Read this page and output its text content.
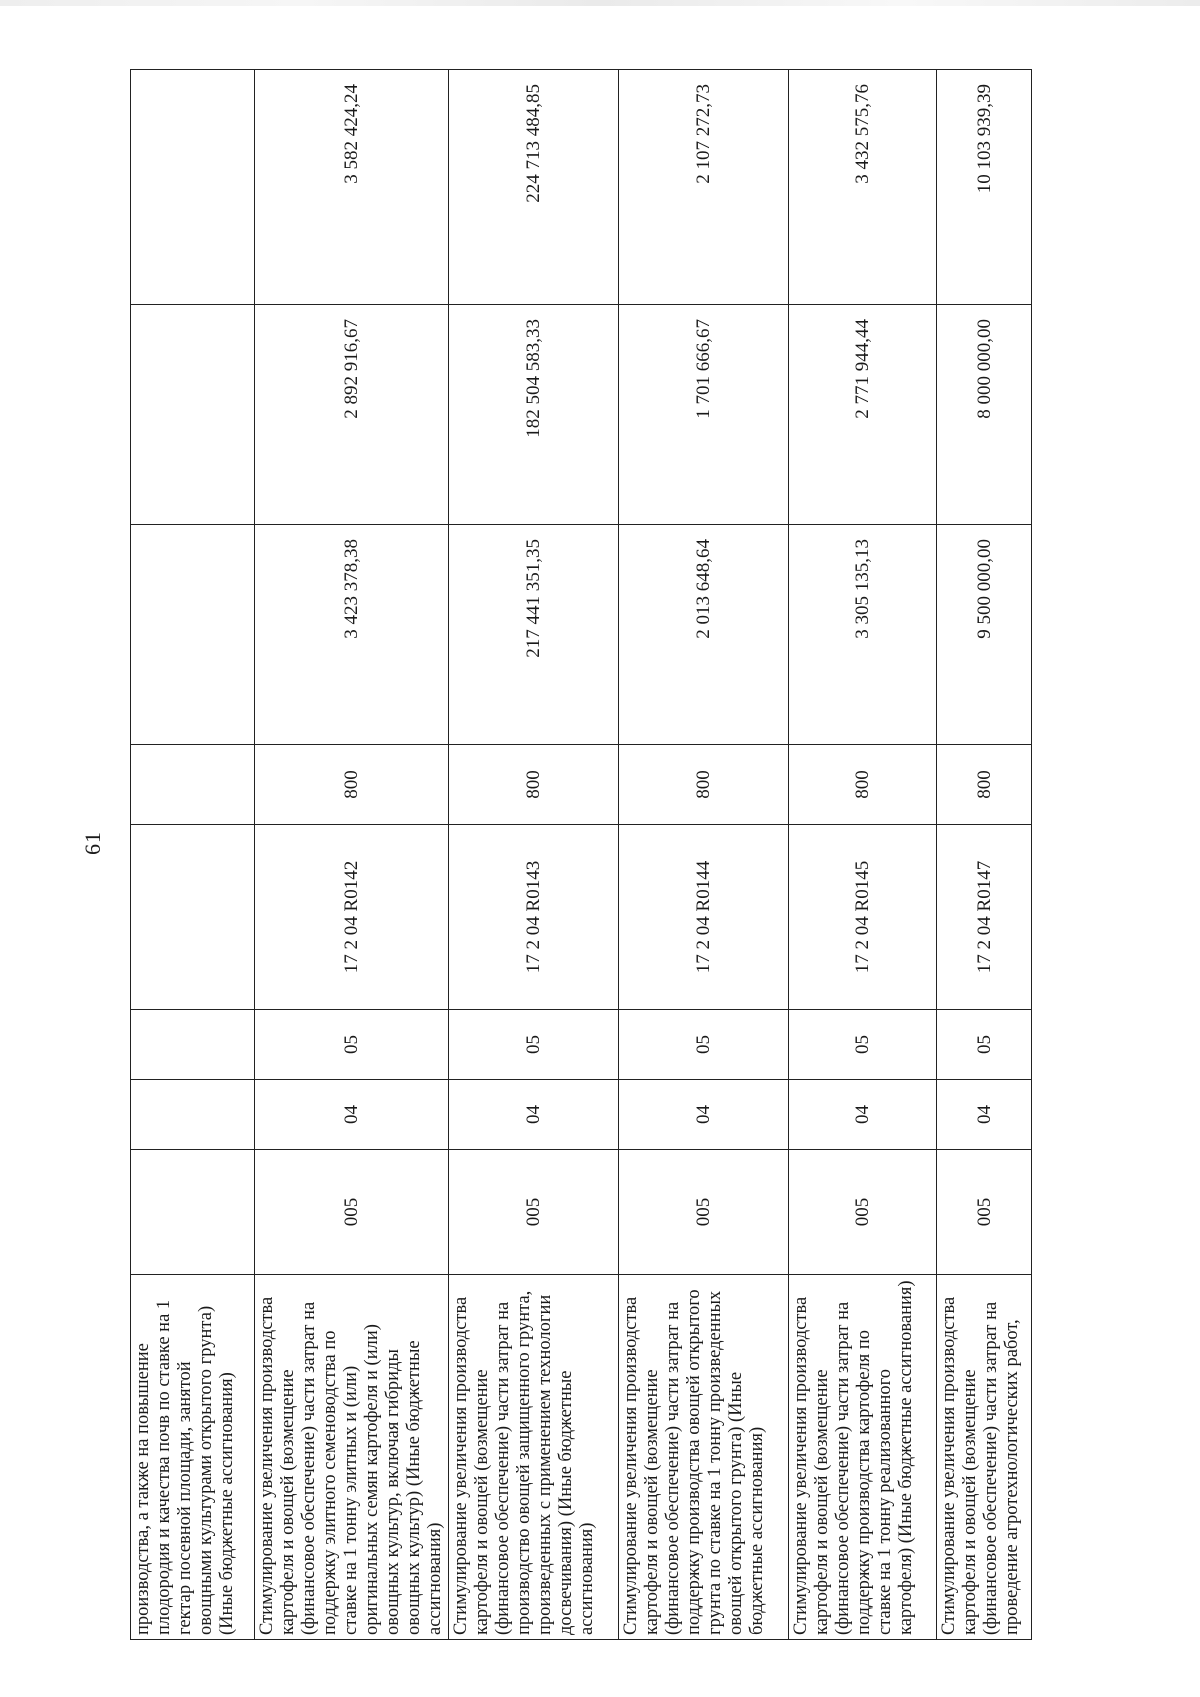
61
производства, а также на повышение плодородия и качества почв по ставке на 1 гектар посевной площади, занятой овощными культурами открытого грунта) (Иные бюджетные ассигнования)								
Стимулирование увеличения производства картофеля и овощей (возмещение (финансовое обеспечение) части затрат на поддержку элитного семеноводства по ставке на 1 тонну элитных и (или) оригинальных семян картофеля и (или) овощных культур, включая гибриды овощных культур) (Иные бюджетные ассигнования)	005	04	05	17 2 04 R0142	800	3 423 378,38	2 892 916,67	3 582 424,24
Стимулирование увеличения производства картофеля и овощей (возмещение (финансовое обеспечение) части затрат на производство овощей защищенного грунта, произведенных с применением технологии досвечивания) (Иные бюджетные ассигнования)	005	04	05	17 2 04 R0143	800	217 441 351,35	182 504 583,33	224 713 484,85
Стимулирование увеличения производства картофеля и овощей (возмещение (финансовое обеспечение) части затрат на поддержку производства овощей открытого грунта по ставке на 1 тонну произведенных овощей открытого грунта) (Иные бюджетные ассигнования)	005	04	05	17 2 04 R0144	800	2 013 648,64	1 701 666,67	2 107 272,73
Стимулирование увеличения производства картофеля и овощей (возмещение (финансовое обеспечение) части затрат на поддержку производства картофеля по ставке на 1 тонну реализованного картофеля) (Иные бюджетные ассигнования)	005	04	05	17 2 04 R0145	800	3 305 135,13	2 771 944,44	3 432 575,76
Стимулирование увеличения производства картофеля и овощей (возмещение (финансовое обеспечение) части затрат на проведение агротехнологических работ,	005	04	05	17 2 04 R0147	800	9 500 000,00	8 000 000,00	10 103 939,39
